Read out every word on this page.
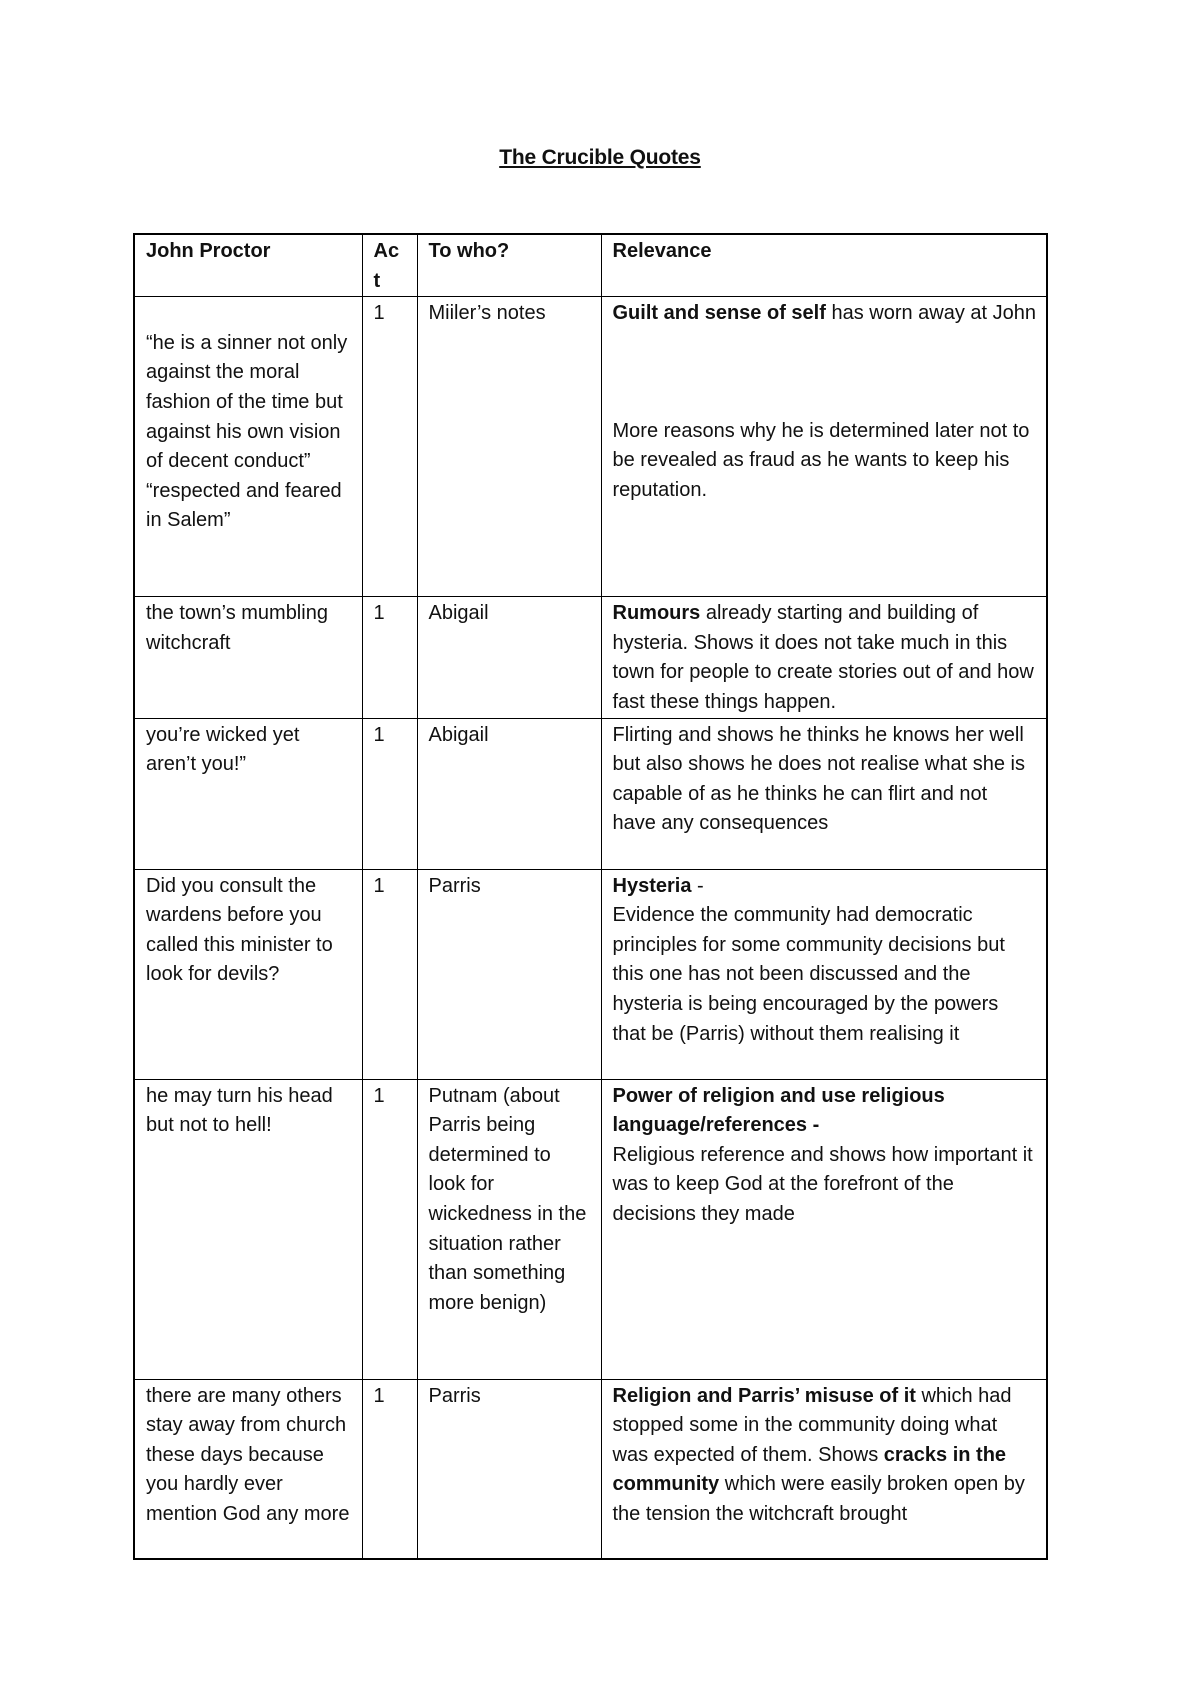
The Crucible Quotes
John Proctor	Ac t	To who?	Relevance

“he is a sinner not only against the moral fashion of the time but against his own vision of decent conduct”
“respected and feared in Salem”	1	Miiler’s notes	Guilt and sense of self has worn away at John
More reasons why he is determined later not to be revealed as fraud as he wants to keep his reputation.
the town’s mumbling witchcraft	1	Abigail	Rumours already starting and building of hysteria. Shows it does not take much in this town for people to create stories out of and how fast these things happen.
you’re wicked yet aren’t you!”	1	Abigail	Flirting and shows he thinks he knows her well but also shows he does not realise what she is capable of as he thinks he can flirt and not have any consequences
Did you consult the wardens before you called this minister to look for devils?	1	Parris	Hysteria -
Evidence the community had democratic principles for some community decisions but this one has not been discussed and the hysteria is being encouraged by the powers that be (Parris) without them realising it
he may turn his head but not to hell!	1	Putnam (about Parris being determined to look for wickedness in the situation rather than something more benign)	Power of religion and use religious language/references -
Religious reference and shows how important it was to keep God at the forefront of the decisions they made
there are many others stay away from church these days because you hardly ever mention God any more	1	Parris	Religion and Parris’ misuse of it which had stopped some in the community doing what was expected of them. Shows cracks in the community which were easily broken open by the tension the witchcraft brought
